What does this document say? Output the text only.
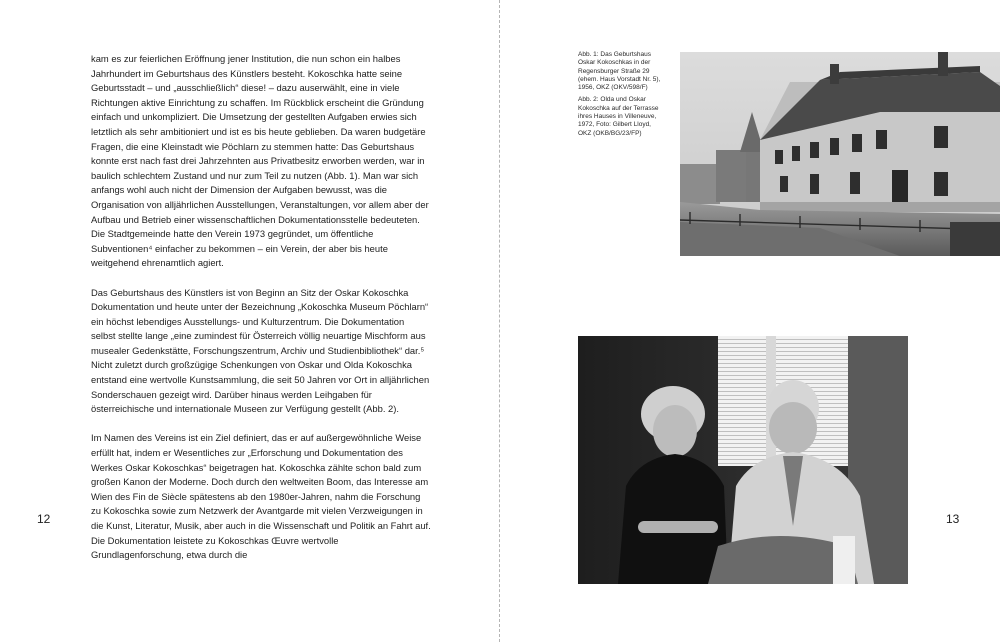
kam es zur feierlichen Eröffnung jener Institution, die nun schon ein halbes Jahrhundert im Geburtshaus des Künstlers besteht. Kokoschka hatte seine Geburtsstadt – und „ausschließlich“ diese! – dazu auserwählt, eine in viele Richtungen aktive Einrichtung zu schaffen. Im Rückblick erscheint die Gründung einfach und unkompliziert. Die Umsetzung der gestellten Aufgaben erwies sich letztlich als sehr ambitioniert und ist es bis heute geblieben. Da waren budgetäre Fragen, die eine Kleinstadt wie Pöchlarn zu stemmen hatte: Das Geburtshaus konnte erst nach fast drei Jahrzehnten aus Privatbesitz erworben werden, war in baulich schlechtem Zustand und nur zum Teil zu nutzen (Abb. 1). Man war sich anfangs wohl auch nicht der Dimension der Aufgaben bewusst, was die Organisation von alljährlichen Ausstellungen, Veranstaltungen, vor allem aber der Aufbau und Betrieb einer wissenschaftlichen Dokumentationsstelle bedeuteten. Die Stadtgemeinde hatte den Verein 1973 gegründet, um öffentliche Subventionen⁴ einfacher zu bekommen – ein Verein, der aber bis heute weitgehend ehrenamtlich agiert.

Das Geburtshaus des Künstlers ist von Beginn an Sitz der Oskar Kokoschka Dokumentation und heute unter der Bezeichnung „Kokoschka Museum Pöchlarn“ ein höchst lebendiges Ausstellungs- und Kulturzentrum. Die Dokumentation selbst stellte lange „eine zumindest für Österreich völlig neuartige Mischform aus musealer Gedenkstätte, Forschungszentrum, Archiv und Studienbibliothek“ dar.⁵ Nicht zuletzt durch großzügige Schenkungen von Oskar und Olda Kokoschka entstand eine wertvolle Kunstsammlung, die seit 50 Jahren vor Ort in alljährlichen Sonderschauen gezeigt wird. Darüber hinaus werden Leihgaben für österreichische und internationale Museen zur Verfügung gestellt (Abb. 2).

Im Namen des Vereins ist ein Ziel definiert, das er auf außergewöhnliche Weise erfüllt hat, indem er Wesentliches zur „Erforschung und Dokumentation des Werkes Oskar Kokoschkas“ beigetragen hat. Kokoschka zählte schon bald zum großen Kanon der Moderne. Doch durch den weltweiten Boom, das Interesse am Wien des Fin de Siècle spätestens ab den 1980er-Jahren, nahm die Forschung zu Kokoschka sowie zum Netzwerk der Avantgarde mit vielen Verzweigungen in die Kunst, Literatur, Musik, aber auch in die Wissenschaft und Politik an Fahrt auf. Die Dokumentation leistete zu Kokoschkas Œuvre wertvolle Grundlagenforschung, etwa durch die

12

Abb. 1: Das Geburtshaus Oskar Kokoschkas in der Regensburger Straße 29 (ehem. Haus Vorstadt Nr. 5), 1956, OKZ (OKV/598/F)

Abb. 2: Olda und Oskar Kokoschka auf der Terrasse ihres Hauses in Villeneuve, 1972, Foto: Gilbert Lloyd, OKZ (OKB/BG/23/FP)

13
